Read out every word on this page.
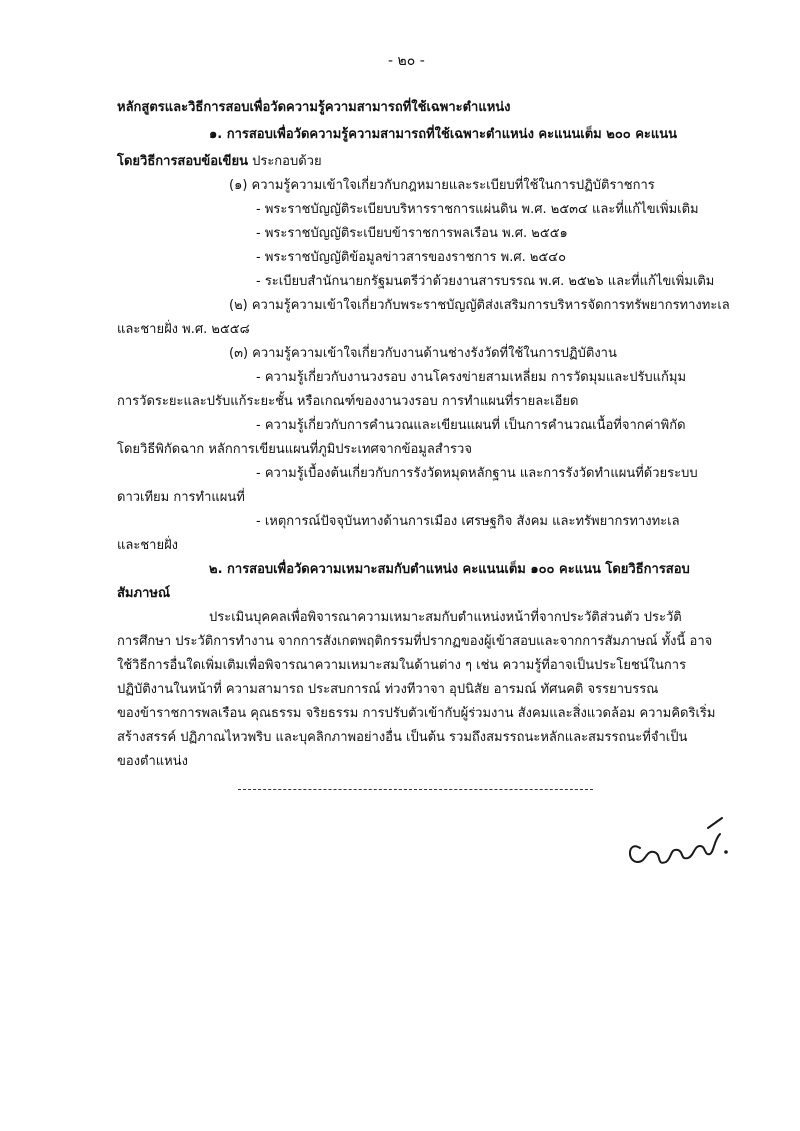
- ๒๐ -
หลักสูตรและวิธีการสอบเพื่อวัดความรู้ความสามารถที่ใช้เฉพาะตำแหน่ง
๑. การสอบเพื่อวัดความรู้ความสามารถที่ใช้เฉพาะตำแหน่ง คะแนนเต็ม ๒๐๐ คะแนน
โดยวิธีการสอบข้อเขียน ประกอบด้วย
(๑) ความรู้ความเข้าใจเกี่ยวกับกฎหมายและระเบียบที่ใช้ในการปฏิบัติราชการ
- พระราชบัญญัติระเบียบบริหารราชการแผ่นดิน พ.ศ. ๒๕๓๔ และที่แก้ไขเพิ่มเติม
- พระราชบัญญัติระเบียบข้าราชการพลเรือน พ.ศ. ๒๕๕๑
- พระราชบัญญัติข้อมูลข่าวสารของราชการ พ.ศ. ๒๕๔๐
- ระเบียบสำนักนายกรัฐมนตรีว่าด้วยงานสารบรรณ พ.ศ. ๒๕๒๖ และที่แก้ไขเพิ่มเติม
(๒) ความรู้ความเข้าใจเกี่ยวกับพระราชบัญญัติส่งเสริมการบริหารจัดการทรัพยากรทางทะเล
และชายฝั่ง พ.ศ. ๒๕๕๘
(๓) ความรู้ความเข้าใจเกี่ยวกับงานด้านช่างรังวัดที่ใช้ในการปฏิบัติงาน
- ความรู้เกี่ยวกับงานวงรอบ งานโครงข่ายสามเหลี่ยม การวัดมุมและปรับแก้มุม
การวัดระยะและปรับแก้ระยะชั้น หรือเกณฑ์ของงานวงรอบ การทำแผนที่รายละเอียด
- ความรู้เกี่ยวกับการคำนวณและเขียนแผนที่ เป็นการคำนวณเนื้อที่จากค่าพิกัด
โดยวิธีพิกัดฉาก หลักการเขียนแผนที่ภูมิประเทศจากข้อมูลสำรวจ
- ความรู้เบื้องต้นเกี่ยวกับการรังวัดหมุดหลักฐาน และการรังวัดทำแผนที่ด้วยระบบ
ดาวเทียม การทำแผนที่
- เหตุการณ์ปัจจุบันทางด้านการเมือง เศรษฐกิจ สังคม และทรัพยากรทางทะเล
และชายฝั่ง
๒. การสอบเพื่อวัดความเหมาะสมกับตำแหน่ง คะแนนเต็ม ๑๐๐ คะแนน โดยวิธีการสอบ
สัมภาษณ์
ประเมินบุคคลเพื่อพิจารณาความเหมาะสมกับตำแหน่งหน้าที่จากประวัติส่วนตัว ประวัติ
การศึกษา ประวัติการทำงาน จากการสังเกตพฤติกรรมที่ปรากฏของผู้เข้าสอบและจากการสัมภาษณ์ ทั้งนี้ อาจ
ใช้วิธีการอื่นใดเพิ่มเติมเพื่อพิจารณาความเหมาะสมในด้านต่าง ๆ เช่น ความรู้ที่อาจเป็นประโยชน์ในการ
ปฏิบัติงานในหน้าที่ ความสามารถ ประสบการณ์ ท่วงทีวาจา อุปนิสัย อารมณ์ ทัศนคติ จรรยาบรรณ
ของข้าราชการพลเรือน คุณธรรม จริยธรรม การปรับตัวเข้ากับผู้ร่วมงาน สังคมและสิ่งแวดล้อม ความคิดริเริ่ม
สร้างสรรค์ ปฏิภาณไหวพริบ และบุคลิกภาพอย่างอื่น เป็นต้น รวมถึงสมรรถนะหลักและสมรรถนะที่จำเป็น
ของตำแหน่ง
